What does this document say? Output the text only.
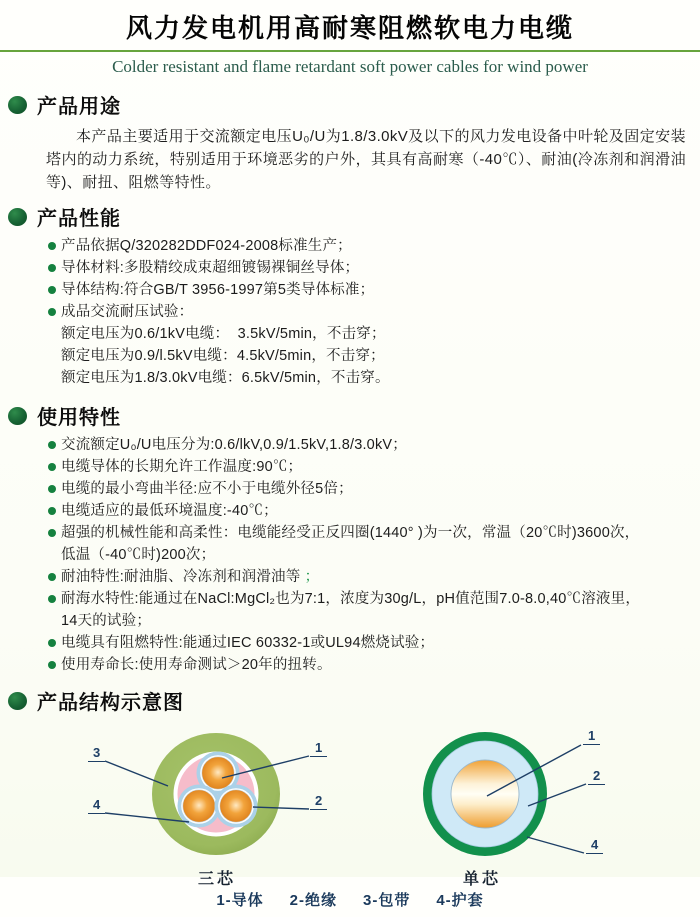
风力发电机用高耐寒阻燃软电力电缆
Colder resistant and flame retardant soft power cables for wind power
产品用途

本产品主要适用于交流额定电压U₀/U为1.8/3.0kV及以下的风力发电设备中叶轮及固定安装塔内的动力系统，特别适用于环境恶劣的户外，其具有高耐寒（-40℃）、耐油(冷冻剂和润滑油等)、耐扭、阻燃等特性。

产品性能
产品依据Q/320282DDF024-2008标准生产；
导体材料:多股精绞成束超细镀锡裸铜丝导体；
导体结构:符合GB/T 3956-1997第5类导体标准；
成品交流耐压试验：
额定电压为0.6/1kV电缆：  3.5kV/5min，不击穿；
额定电压为0.9/l.5kV电缆：4.5kV/5min，不击穿；
额定电压为1.8/3.0kV电缆：6.5kV/5min，不击穿。
使用特性
交流额定U₀/U电压分为:0.6/lkV,0.9/1.5kV,1.8/3.0kV；
电缆导体的长期允许工作温度:90℃；
电缆的最小弯曲半径:应不小于电缆外径5倍；
电缆适应的最低环境温度:-40℃；
超强的机械性能和高柔性：电缆能经受正反四圈(1440° )为一次，常温（20℃时)3600次，
低温（-40℃时)200次；
耐油特性:耐油脂、冷冻剂和润滑油等 ；
耐海水特性:能通过在NaCl:MgCl₂也为7:1，浓度为30g/L，pH值范围7.0-8.0,40℃溶液里，
14天的试验；
电缆具有阻燃特性:能通过IEC 60332-1或UL94燃烧试验；
使用寿命长:使用寿命测试＞20年的扭转。
产品结构示意图
3
4
1
2
1
2
4
三芯	单芯
1-导体 2-绝缘 3-包带 4-护套
